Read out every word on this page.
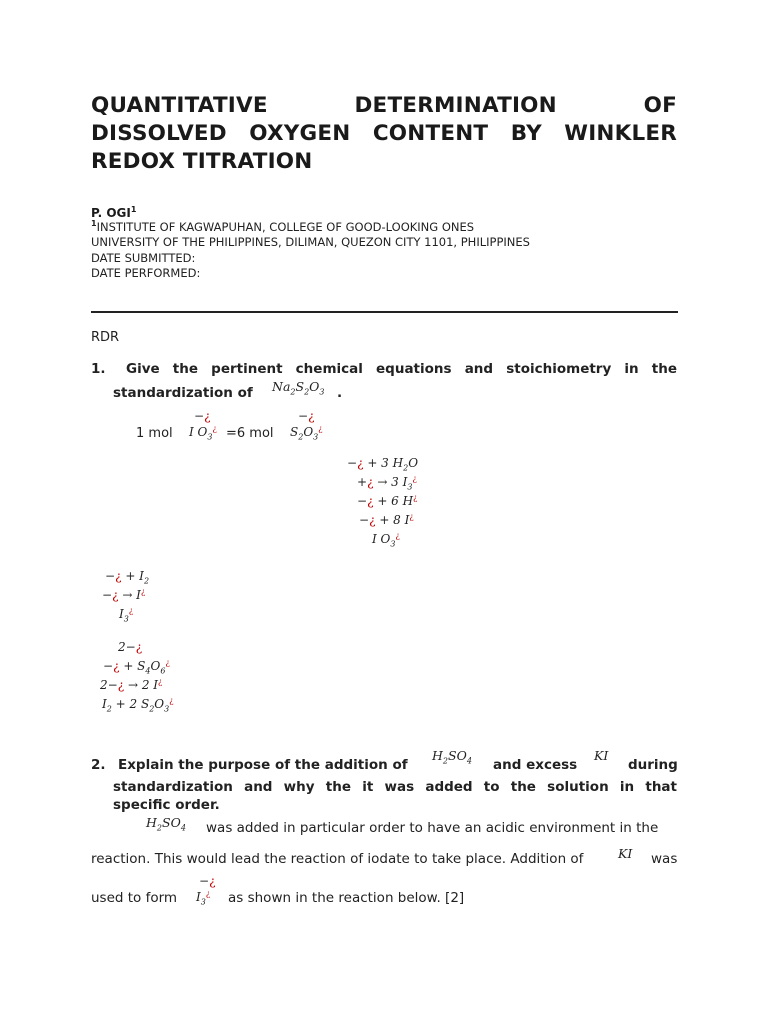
QUANTITATIVE DETERMINATION OF
DISSOLVED OXYGEN CONTENT BY WINKLER
REDOX TITRATION
P. OGI$^1$
$^1$INSTITUTE OF KAGWAPUHAN, COLLEGE OF GOOD-LOOKING ONES
UNIVERSITY OF THE PHILIPPINES, DILIMAN, QUEZON CITY 1101, PHILIPPINES
DATE SUBMITTED:
DATE PERFORMED:
RDR
1. Give the pertinent chemical equations and stoichiometry in the
standardization of $Na_2S_2O_3$ .
1 mol
−¿
I $O_3^¿ =6$ mol
−¿
$S_2O_3^¿$
−¿ + 3 $H_2O$
+¿ → 3 $I_3^¿$
−¿ + 6 H¿
−¿ + 8 I¿
I $O_3^¿$
−¿ + $I_2$
−¿ → I¿
$I_3^¿$
2−¿
−¿ + $S_4O_6^¿$
2−¿ → 2 I¿
$I_2 + 2$ $S_2O_3^¿$
2. Explain the purpose of the addition of
$H_2SO_4$ and excess
KI
during
standardization and why the it was added to the solution in that
specific order.
$H_2SO_4$ was added in particular order to have an acidic environment in the
reaction. This would lead the reaction of iodate to take place. Addition of	KI was
used to form
−¿
$I_3^¿$	as shown in the reaction below. [2]
